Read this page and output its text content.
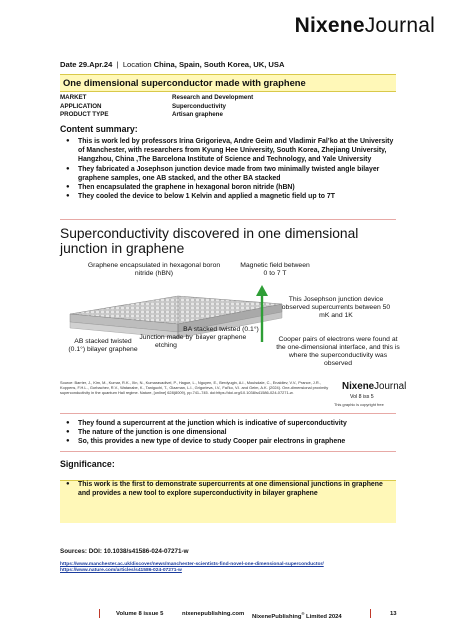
NixeneJournal
Date 29.Apr.24 | Location China, Spain, South Korea, UK, USA
One dimensional superconductor made with graphene
MARKET	Research and Development
APPLICATION	Superconductivity
PRODUCT TYPE	Artisan graphene
Content summary:
● This is work led by professors Irina Grigorieva, Andre Geim and Vladimir Fal’ko at the University of Manchester, with researchers from Kyung Hee University, South Korea, Zhejiang University, Hangzhou, China ,The Barcelona Institute of Science and Technology, and Yale University
● They fabricated a Josephson junction device made from two minimally twisted angle bilayer graphene samples, one AB stacked, and the other BA stacked
● Then encapsulated the graphene in hexagonal boron nitride (hBN)
● They cooled the device to below 1 Kelvin and applied a magnetic field up to 7T
Superconductivity discovered in one dimensional junction in graphene
Graphene encapsulated in hexagonal boron nitride (hBN)
Magnetic field between 0 to 7 T
This Josephson junction device observed supercurrents between 50 mK and 1K
AB stacked twisted (0.1°) bilayer graphene
Junction made by etching
BA stacked twisted (0.1°) bilayer graphene	Cooper pairs of electrons were found at the one-dimensional interface, and this is where the superconductivity was observed
Source: Barrier, J., Kim, M., Kumar, R.K., Xin, N., Kumaravadivel, P., Hague, L., Nguyen, E., Berdyugin, A.I., Moulsdale, C., Enaldiev, V.V., Prance, J.R., Koppens, F.H.L., Gorbachev, R.V., Watanabe, K., Taniguchi, T., Glazman, L.I., Grigorieva, I.V., Fal’ko, V.I. and Geim, A.K. (2024). One-dimensional proximity superconductivity in the quantum Hall regime. Nature, [online] 628(8009), pp.741–745. doi:https://doi.org/10.1038/s41586-024-07271-w.
NixeneJournal
Vol 8 iss 5
This graphic is copyright free
● They found a supercurrent at the junction which is indicative of superconductivity
● The nature of the junction is one dimensional
● So, this provides a new type of device to study Cooper pair electrons in graphene
Significance:
● This work is the first to demonstrate supercurrents at one dimensional junctions in graphene and provides a new tool to explore superconductivity in bilayer graphene
Sources: DOI: 10.1038/s41586-024-07271-w
https://www.manchester.ac.uk/discover/news/manchester-scientists-find-novel-one-dimensional-superconductor/
https://www.nature.com/articles/s41586-024-07271-w
Volume 8 issue 5	nixenepublishing.com NixenePublishing® Limited 2024	13
